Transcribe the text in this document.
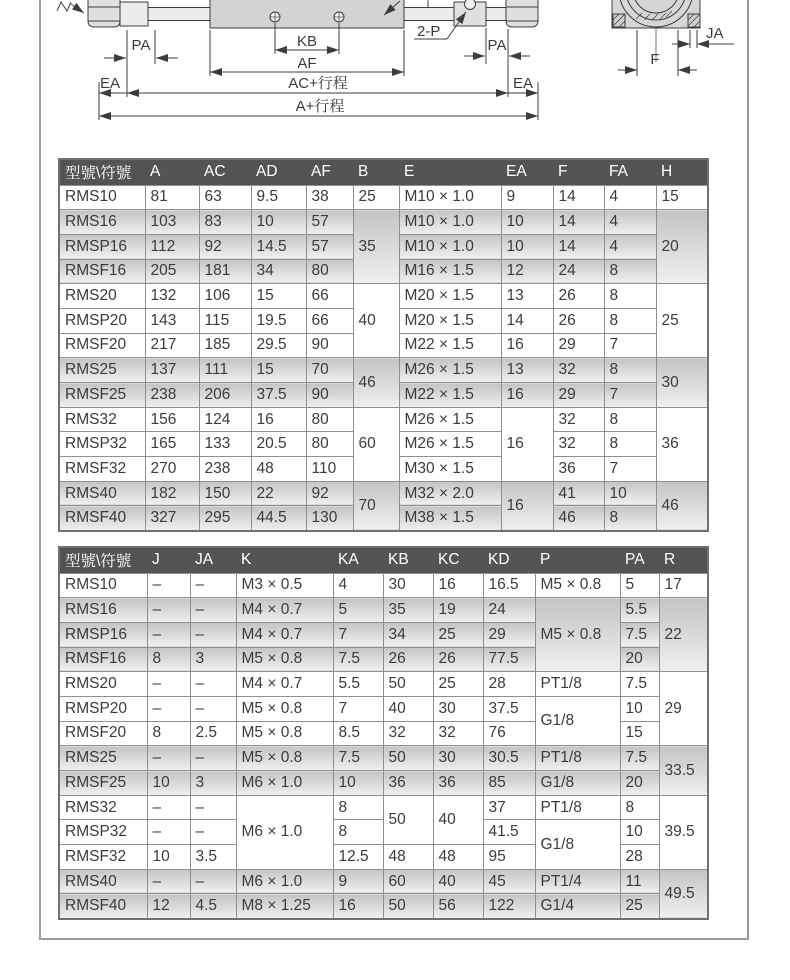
PA	KB
AF
2-P
PA
EA	AC+行程	EA
A+行程
F
JA
型號\符號	A	AC	AD	AF	B	E	EA	F	FA	H
RMS10	81	63	9.5	38	25	M10 × 1.0	9	14	4	15
RMS16	103	83	10	57	35	M10 × 1.0	10	14	4	20
RMSP16	112	92	14.5	57		M10 × 1.0	10	14	4	
RMSF16	205	181	34	80		M16 × 1.5	12	24	8	
RMS20	132	106	15	66	40	M20 × 1.5	13	26	8	25
RMSP20	143	115	19.5	66		M20 × 1.5	14	26	8	
RMSF20	217	185	29.5	90		M22 × 1.5	16	29	7	
RMS25	137	111	15	70	46	M26 × 1.5	13	32	8	30
RMSF25	238	206	37.5	90		M22 × 1.5	16	29	7	
RMS32	156	124	16	80	60	M26 × 1.5	16	32	8	36
RMSP32	165	133	20.5	80		M26 × 1.5		32	8	
RMSF32	270	238	48	110		M30 × 1.5		36	7	
RMS40	182	150	22	92	70	M32 × 2.0	16	41	10	46
RMSF40	327	295	44.5	130		M38 × 1.5		46	8	
型號\符號	J	JA	K	KA	KB	KC	KD	P	PA	R
RMS10	–	–	M3 × 0.5	4	30	16	16.5	M5 × 0.8	5	17
RMS16	–	–	M4 × 0.7	5	35	19	24	M5 × 0.8	5.5	22
RMSP16	–	–	M4 × 0.7	7	34	25	29		7.5	
RMSF16	8	3	M5 × 0.8	7.5	26	26	77.5		20	
RMS20	–	–	M4 × 0.7	5.5	50	25	28	PT1/8	7.5	29
RMSP20	–	–	M5 × 0.8	7	40	30	37.5	G1/8	10	
RMSF20	8	2.5	M5 × 0.8	8.5	32	32	76		15	
RMS25	–	–	M5 × 0.8	7.5	50	30	30.5	PT1/8	7.5	33.5
RMSF25	10	3	M6 × 1.0	10	36	36	85	G1/8	20	
RMS32	–	–	M6 × 1.0	8	50	40	37	PT1/8	8	39.5
RMSP32	–	–		8			41.5	G1/8	10	
RMSF32	10	3.5		12.5	48	48	95		28	
RMS40	–	–	M6 × 1.0	9	60	40	45	PT1/4	11	49.5
RMSF40	12	4.5	M8 × 1.25	16	50	56	122	G1/4	25	
